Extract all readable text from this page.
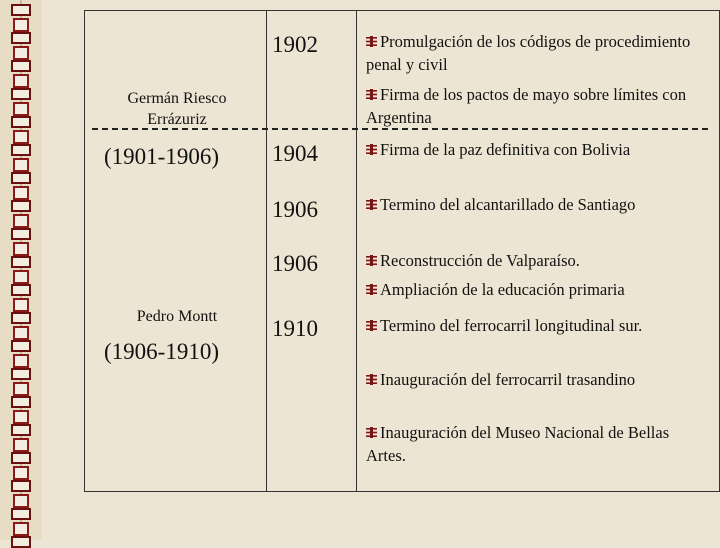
Germán Riesco Errázuriz
(1901-1906)
Pedro Montt
(1906-1910)
1902
1904
1906
1906
1910
Promulgación de los códigos de procedimiento penal y civil
Firma de los pactos de mayo sobre límites con Argentina
Firma de la paz definitiva con Bolivia
Termino del alcantarillado de Santiago
Reconstrucción de Valparaíso.
Ampliación de la educación primaria
Termino del ferrocarril longitudinal sur.
Inauguración del ferrocarril trasandino
Inauguración del Museo Nacional de Bellas Artes.
